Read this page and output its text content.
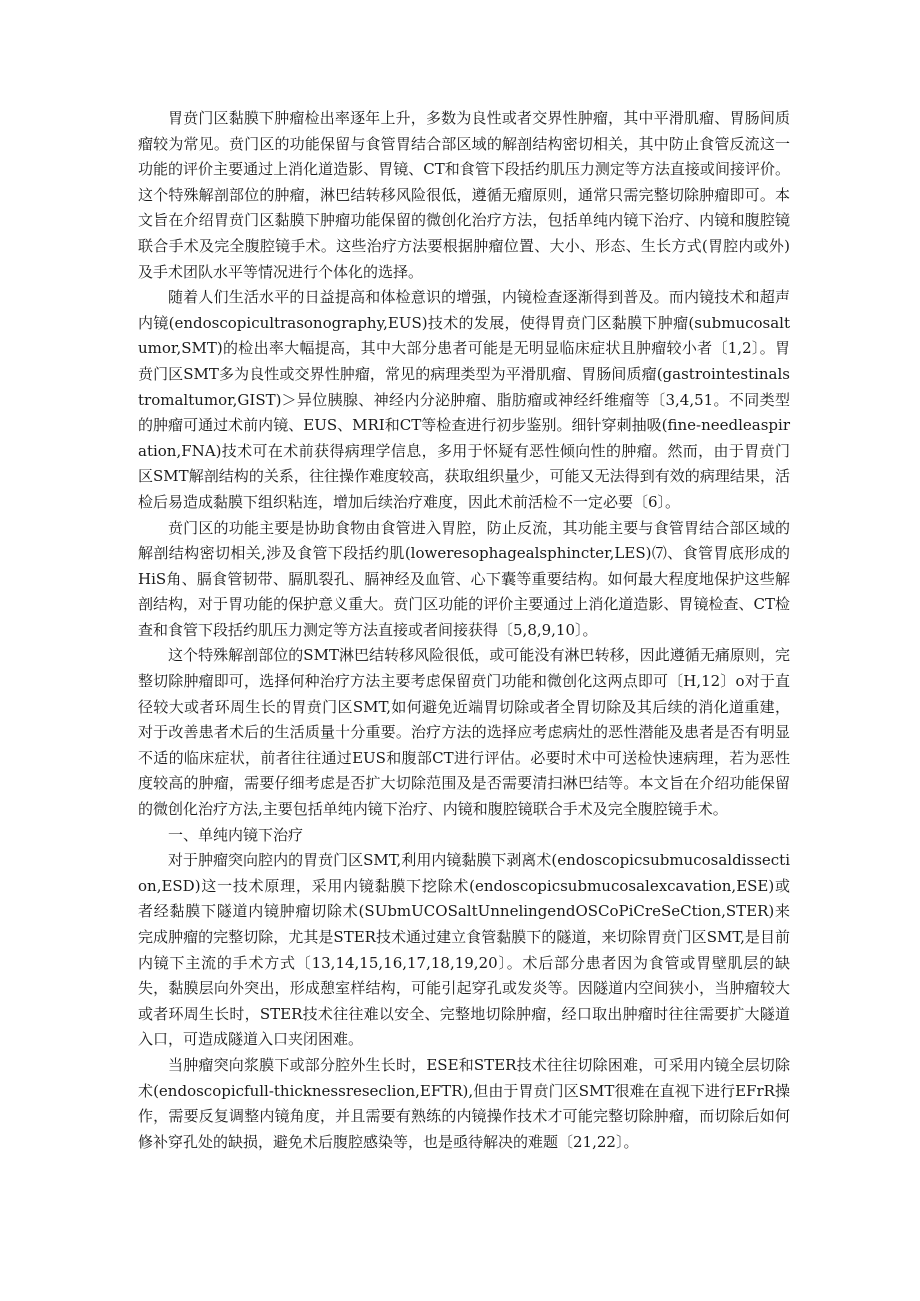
胃贲门区黏膜下肿瘤检出率逐年上升，多数为良性或者交界性肿瘤，其中平滑肌瘤、胃肠间质瘤较为常见。贲门区的功能保留与食管胃结合部区域的解剖结构密切相关，其中防止食管反流这一功能的评价主要通过上消化道造影、胃镜、CT和食管下段括约肌压力测定等方法直接或间接评价。这个特殊解剖部位的肿瘤，淋巴结转移风险很低，遵循无瘤原则，通常只需完整切除肿瘤即可。本文旨在介绍胃贲门区黏膜下肿瘤功能保留的微创化治疗方法，包括单纯内镜下治疗、内镜和腹腔镜联合手术及完全腹腔镜手术。这些治疗方法要根据肿瘤位置、大小、形态、生长方式(胃腔内或外)及手术团队水平等情况进行个体化的选择。

随着人们生活水平的日益提高和体检意识的增强，内镜检查逐渐得到普及。而内镜技术和超声内镜(endoscopicultrasonography,EUS)技术的发展，使得胃贲门区黏膜下肿瘤(submucosaltumor,SMT)的检出率大幅提高，其中大部分患者可能是无明显临床症状且肿瘤较小者〔1,2〕。胃贲门区SMT多为良性或交界性肿瘤，常见的病理类型为平滑肌瘤、胃肠间质瘤(gastrointestinalstromaltumor,GIST)＞异位胰腺、神经内分泌肿瘤、脂肪瘤或神经纤维瘤等〔3,4,51。不同类型的肿瘤可通过术前内镜、EUS、MRI和CT等检查进行初步鉴别。细针穿刺抽吸(fine-needleaspiration,FNA)技术可在术前获得病理学信息，多用于怀疑有恶性倾向性的肿瘤。然而，由于胃贲门区SMT解剖结构的关系，往往操作难度较高，获取组织量少，可能又无法得到有效的病理结果，活检后易造成黏膜下组织粘连，增加后续治疗难度，因此术前活检不一定必要〔6〕。

贲门区的功能主要是协助食物由食管进入胃腔，防止反流，其功能主要与食管胃结合部区域的解剖结构密切相关,涉及食管下段括约肌(loweresophagealsphincter,LES)⑺、食管胃底形成的HiS角、膈食管韧带、膈肌裂孔、膈神经及血管、心下囊等重要结构。如何最大程度地保护这些解剖结构，对于胃功能的保护意义重大。贲门区功能的评价主要通过上消化道造影、胃镜检查、CT检查和食管下段括约肌压力测定等方法直接或者间接获得〔5,8,9,10〕。

这个特殊解剖部位的SMT淋巴结转移风险很低，或可能没有淋巴转移，因此遵循无痛原则，完整切除肿瘤即可，选择何种治疗方法主要考虑保留贲门功能和微创化这两点即可〔H,12〕o对于直径较大或者环周生长的胃贲门区SMT,如何避免近端胃切除或者全胃切除及其后续的消化道重建，对于改善患者术后的生活质量十分重要。治疗方法的选择应考虑病灶的恶性潜能及患者是否有明显不适的临床症状，前者往往通过EUS和腹部CT进行评估。必要时术中可送检快速病理，若为恶性度较高的肿瘤，需要仔细考虑是否扩大切除范围及是否需要清扫淋巴结等。本文旨在介绍功能保留的微创化治疗方法,主要包括单纯内镜下治疗、内镜和腹腔镜联合手术及完全腹腔镜手术。

一、单纯内镜下治疗

对于肿瘤突向腔内的胃贲门区SMT,利用内镜黏膜下剥离术(endoscopicsubmucosaldissection,ESD)这一技术原理，采用内镜黏膜下挖除术(endoscopicsubmucosalexcavation,ESE)或者经黏膜下隧道内镜肿瘤切除术(SUbmUCOSaltUnnelingendOSCoPiCreSeCtion,STER)来完成肿瘤的完整切除，尤其是STER技术通过建立食管黏膜下的隧道，来切除胃贲门区SMT,是目前内镜下主流的手术方式〔13,14,15,16,17,18,19,20〕。术后部分患者因为食管或胃壁肌层的缺失，黏膜层向外突出，形成憩室样结构，可能引起穿孔或发炎等。因隧道内空间狭小，当肿瘤较大或者环周生长时，STER技术往往难以安全、完整地切除肿瘤，经口取出肿瘤时往往需要扩大隧道入口，可造成隧道入口夹闭困难。

当肿瘤突向浆膜下或部分腔外生长时，ESE和STER技术往往切除困难，可采用内镜全层切除术(endoscopicfull-thicknessreseclion,EFTR),但由于胃贲门区SMT很难在直视下进行EFrR操作，需要反复调整内镜角度，并且需要有熟练的内镜操作技术才可能完整切除肿瘤，而切除后如何修补穿孔处的缺损，避免术后腹腔感染等，也是亟待解决的难题〔21,22〕。
